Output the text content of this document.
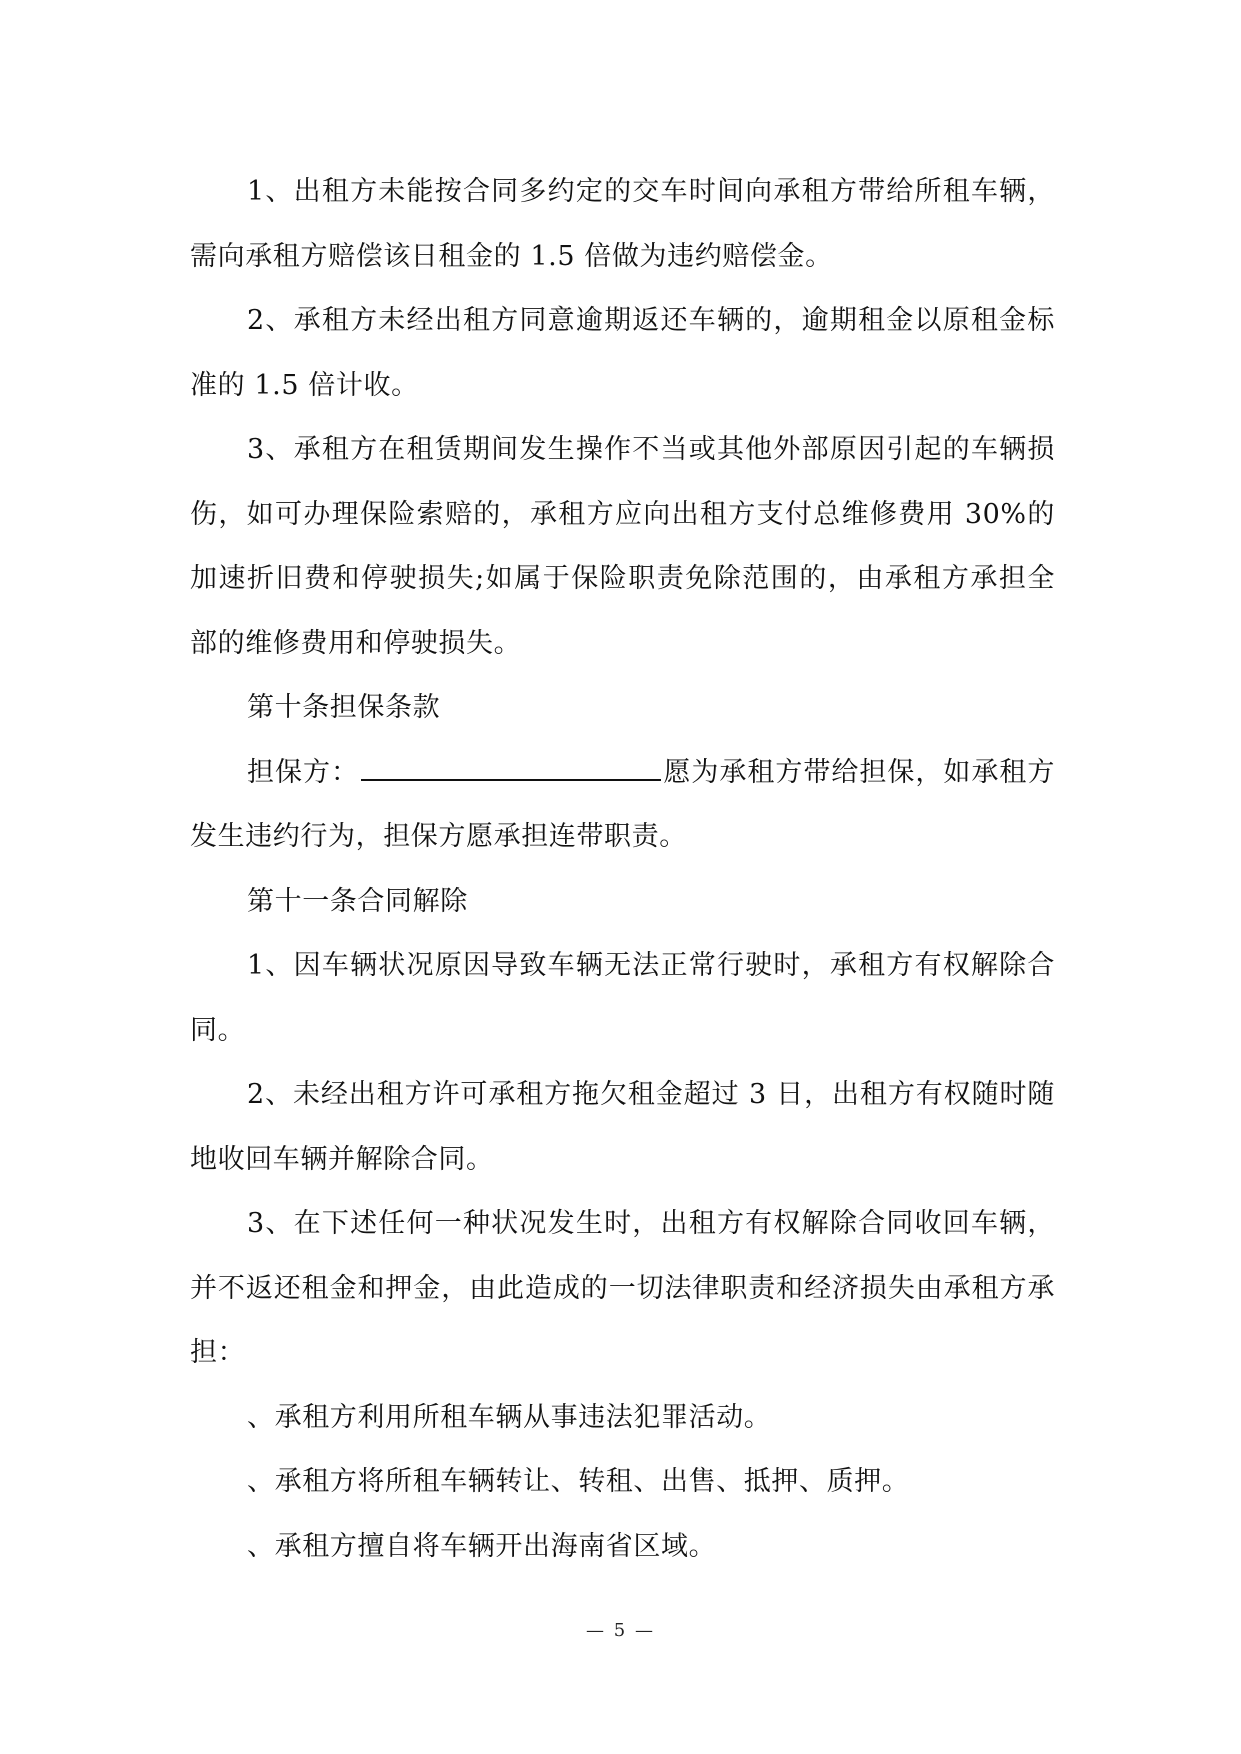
1、出租方未能按合同多约定的交车时间向承租方带给所租车辆，需向承租方赔偿该日租金的 1.5 倍做为违约赔偿金。

2、承租方未经出租方同意逾期返还车辆的，逾期租金以原租金标准的 1.5 倍计收。

3、承租方在租赁期间发生操作不当或其他外部原因引起的车辆损伤，如可办理保险索赔的，承租方应向出租方支付总维修费用 30%的加速折旧费和停驶损失;如属于保险职责免除范围的，由承租方承担全部的维修费用和停驶损失。

第十条担保条款

担保方：	愿为承租方带给担保，如承租方发生违约行为，担保方愿承担连带职责。

第十一条合同解除

1、因车辆状况原因导致车辆无法正常行驶时，承租方有权解除合同。

2、未经出租方许可承租方拖欠租金超过 3 日，出租方有权随时随地收回车辆并解除合同。

3、在下述任何一种状况发生时，出租方有权解除合同收回车辆，并不返还租金和押金，由此造成的一切法律职责和经济损失由承租方承担：

、承租方利用所租车辆从事违法犯罪活动。

、承租方将所租车辆转让、转租、出售、抵押、质押。

、承租方擅自将车辆开出海南省区域。

— 5 —
